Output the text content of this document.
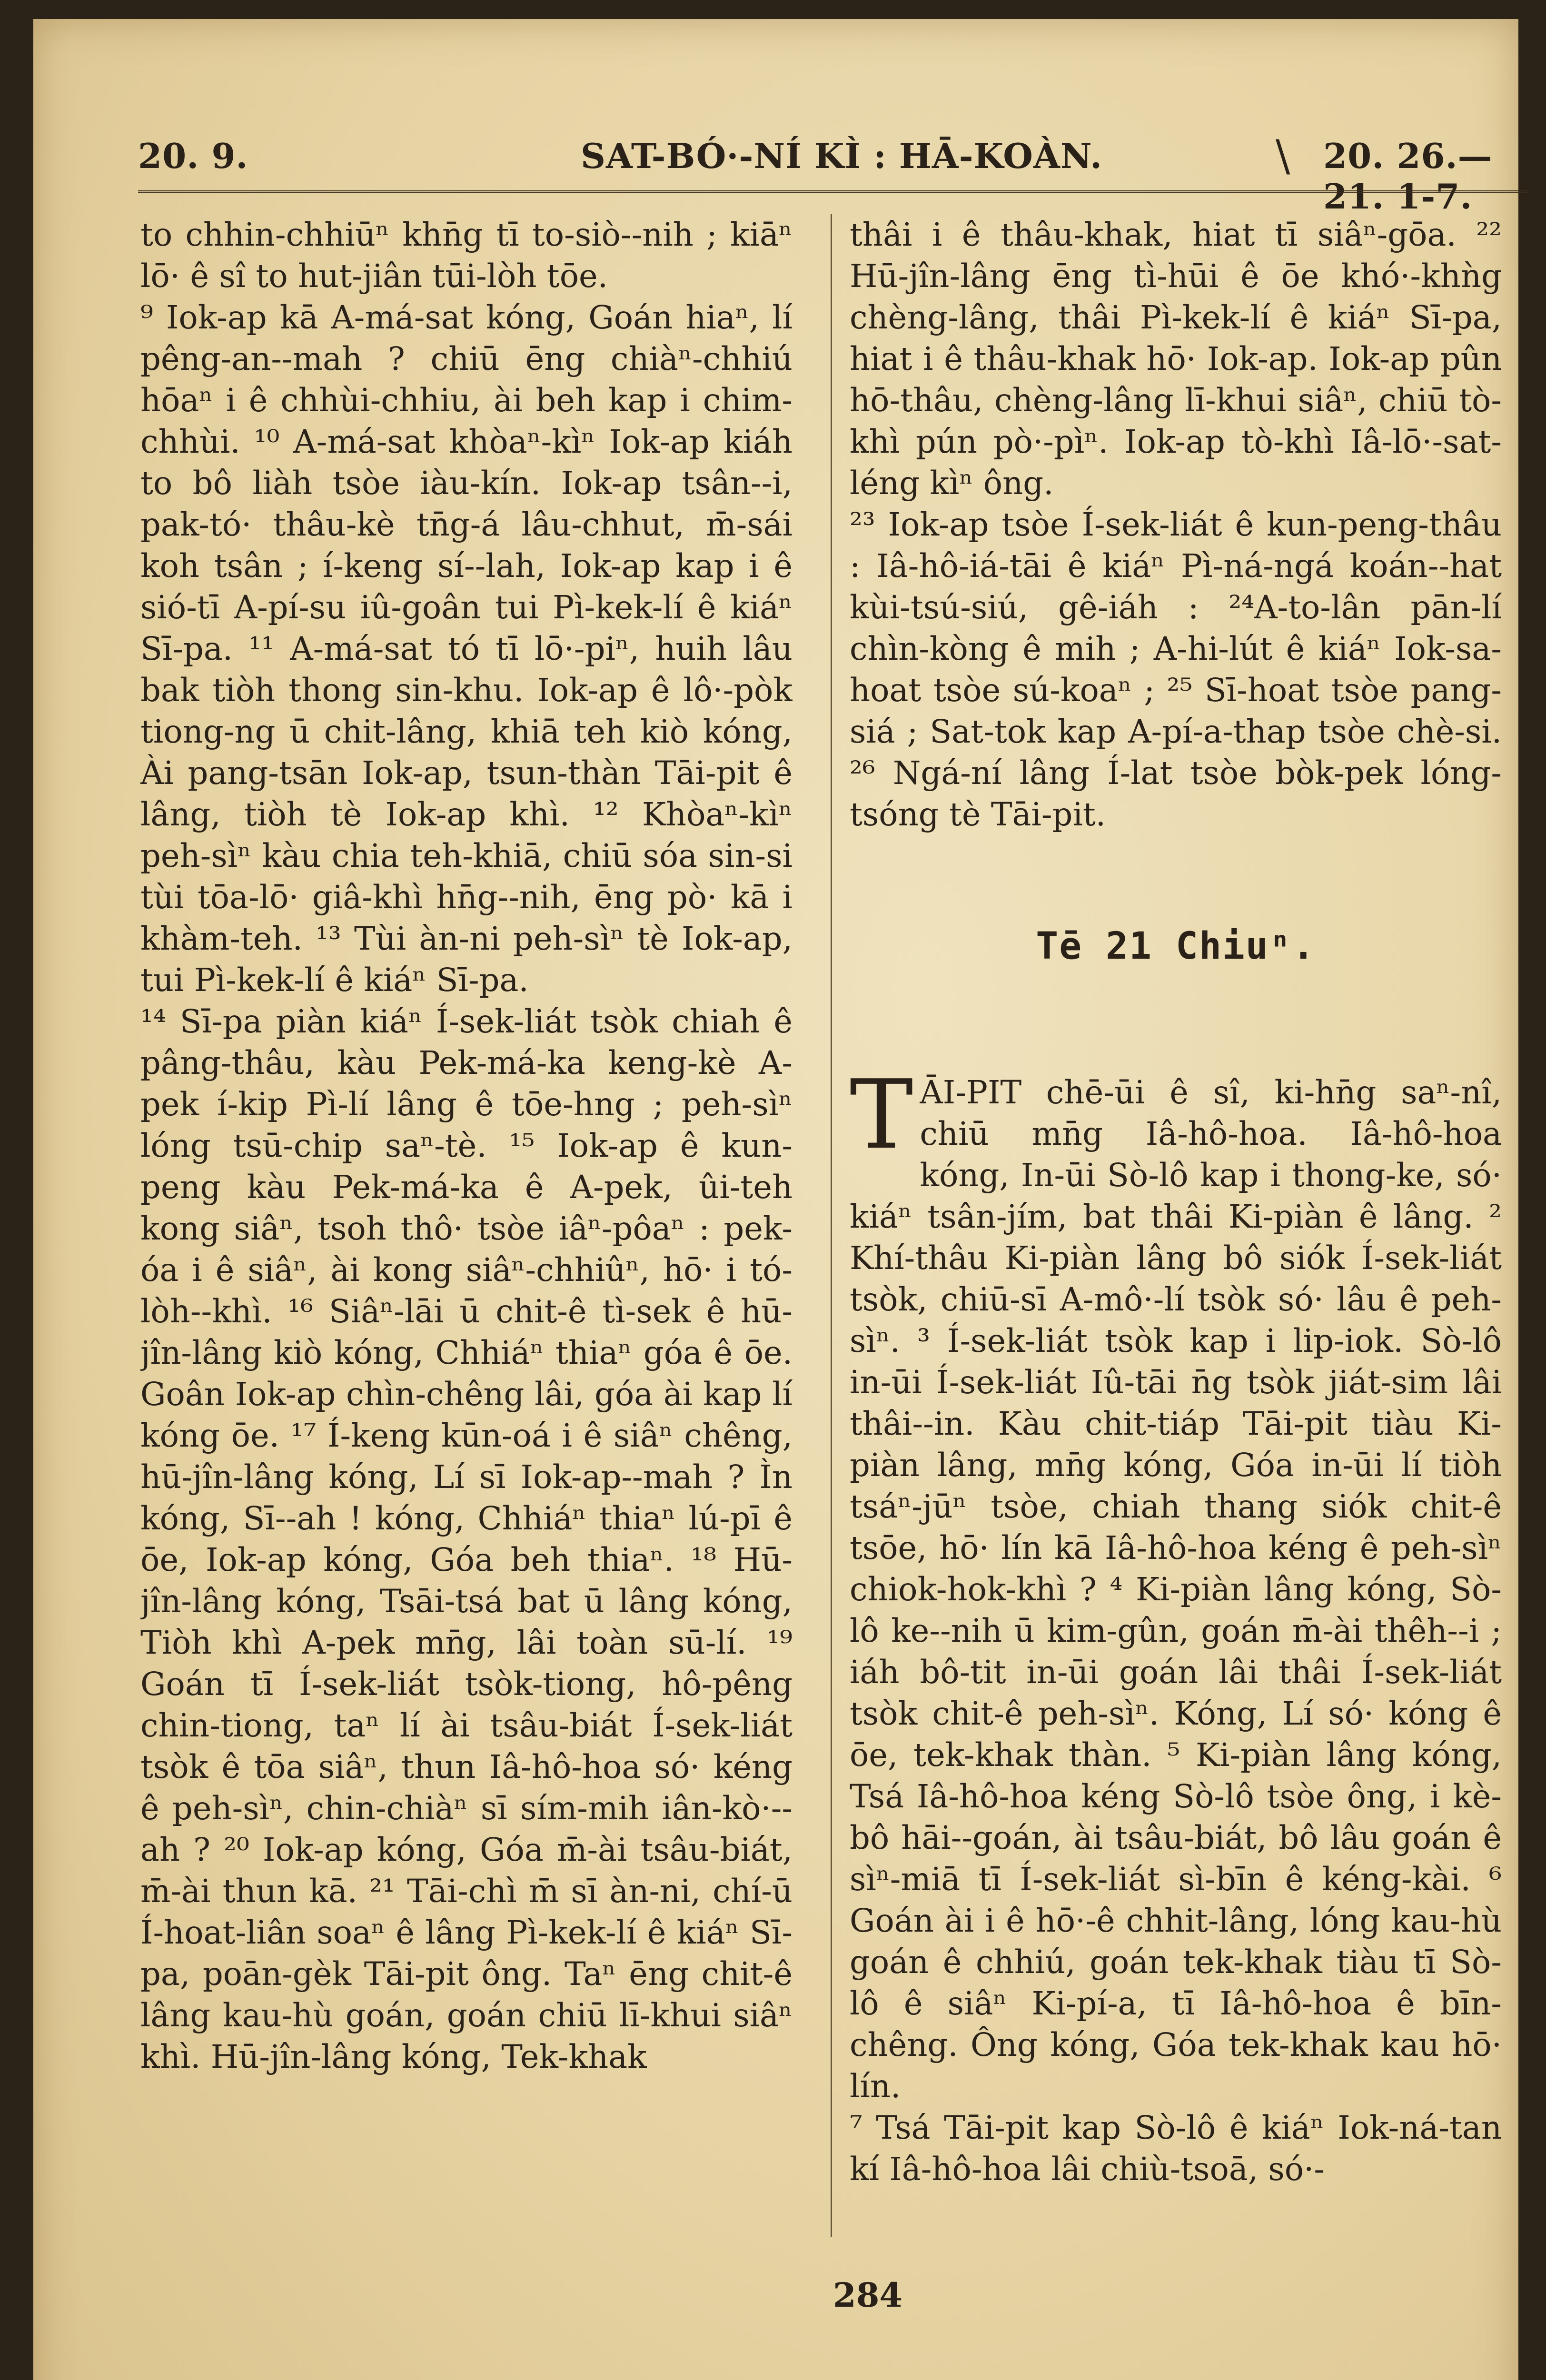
20. 9.	SAT-BÓ·-NÍ KÌ : HĀ-KOÀN.	\ 20. 26.—21. 1-7.

to chhin-chhiūⁿ khn̄g tī to-siò--nih ; kiāⁿ lō· ê sî to hut-jiân tūi-lòh tōe.

⁹ Iok-ap kā A-má-sat kóng, Goán hiaⁿ, lí pêng-an--mah ? chiū ēng chiàⁿ-chhiú hōaⁿ i ê chhùi-chhiu, ài beh kap i chim-chhùi. ¹⁰ A-má-sat khòaⁿ-kìⁿ Iok-ap kiáh to bô liàh tsòe iàu-kín. Iok-ap tsân--i, pak-tó· thâu-kè tn̄g-á lâu-chhut, m̄-sái koh tsân ; í-keng sí--lah, Iok-ap kap i ê sió-tī A-pí-su iû-goân tui Pì-kek-lí ê kiáⁿ Sī-pa. ¹¹ A-má-sat tó tī lō·-piⁿ, huih lâu bak tiòh thong sin-khu. Iok-ap ê lô·-pòk tiong-ng ū chit-lâng, khiā teh kiò kóng, Ài pang-tsān Iok-ap, tsun-thàn Tāi-pit ê lâng, tiòh tè Iok-ap khì. ¹² Khòaⁿ-kìⁿ peh-sìⁿ kàu chia teh-khiā, chiū sóa sin-si tùi tōa-lō· giâ-khì hn̄g--nih, ēng pò· kā i khàm-teh. ¹³ Tùi àn-ni peh-sìⁿ tè Iok-ap, tui Pì-kek-lí ê kiáⁿ Sī-pa.

¹⁴ Sī-pa piàn kiáⁿ Í-sek-liát tsòk chiah ê pâng-thâu, kàu Pek-má-ka keng-kè A-pek í-kip Pì-lí lâng ê tōe-hng ; peh-sìⁿ lóng tsū-chip saⁿ-tè. ¹⁵ Iok-ap ê kun-peng kàu Pek-má-ka ê A-pek, ûi-teh kong siâⁿ, tsoh thô· tsòe iâⁿ-pôaⁿ : pek-óa i ê siâⁿ, ài kong siâⁿ-chhiûⁿ, hō· i tó-lòh--khì. ¹⁶ Siâⁿ-lāi ū chit-ê tì-sek ê hū-jîn-lâng kiò kóng, Chhiáⁿ thiaⁿ góa ê ōe. Goân Iok-ap chìn-chêng lâi, góa ài kap lí kóng ōe. ¹⁷ Í-keng kūn-oá i ê siâⁿ chêng, hū-jîn-lâng kóng, Lí sī Iok-ap--mah ? Ìn kóng, Sī--ah ! kóng, Chhiáⁿ thiaⁿ lú-pī ê ōe, Iok-ap kóng, Góa beh thiaⁿ. ¹⁸ Hū-jîn-lâng kóng, Tsāi-tsá bat ū lâng kóng, Tiòh khì A-pek mn̄g, lâi toàn sū-lí. ¹⁹ Goán tī Í-sek-liát tsòk-tiong, hô-pêng chin-tiong, taⁿ lí ài tsâu-biát Í-sek-liát tsòk ê tōa siâⁿ, thun Iâ-hô-hoa só· kéng ê peh-sìⁿ, chin-chiàⁿ sī sím-mih iân-kò·--ah ? ²⁰ Iok-ap kóng, Góa m̄-ài tsâu-biát, m̄-ài thun kā. ²¹ Tāi-chì m̄ sī àn-ni, chí-ū Í-hoat-liân soaⁿ ê lâng Pì-kek-lí ê kiáⁿ Sī-pa, poān-gèk Tāi-pit ông. Taⁿ ēng chit-ê lâng kau-hù goán, goán chiū lī-khui siâⁿ khì. Hū-jîn-lâng kóng, Tek-khak

thâi i ê thâu-khak, hiat tī siâⁿ-gōa. ²² Hū-jîn-lâng ēng tì-hūi ê ōe khó·-khǹg chèng-lâng, thâi Pì-kek-lí ê kiáⁿ Sī-pa, hiat i ê thâu-khak hō· Iok-ap. Iok-ap pûn hō-thâu, chèng-lâng lī-khui siâⁿ, chiū tò-khì pún pò·-pìⁿ. Iok-ap tò-khì Iâ-lō·-sat-léng kìⁿ ông.

²³ Iok-ap tsòe Í-sek-liát ê kun-peng-thâu : Iâ-hô-iá-tāi ê kiáⁿ Pì-ná-ngá koán--hat kùi-tsú-siú, gê-iáh : ²⁴A-to-lân pān-lí chìn-kòng ê mih ; A-hi-lút ê kiáⁿ Iok-sa-hoat tsòe sú-koaⁿ ; ²⁵ Sī-hoat tsòe pang-siá ; Sat-tok kap A-pí-a-thap tsòe chè-si. ²⁶ Ngá-ní lâng Í-lat tsòe bòk-pek lóng-tsóng tè Tāi-pit.

Tē 21 Chiuⁿ.

TĀI-PIT chē-ūi ê sî, ki-hn̄g saⁿ-nî, chiū mn̄g Iâ-hô-hoa. Iâ-hô-hoa kóng, In-ūi Sò-lô kap i thong-ke, só· kiáⁿ tsân-jím, bat thâi Ki-piàn ê lâng. ² Khí-thâu Ki-piàn lâng bô siók Í-sek-liát tsòk, chiū-sī A-mô·-lí tsòk só· lâu ê peh-sìⁿ. ³ Í-sek-liát tsòk kap i lip-iok. Sò-lô in-ūi Í-sek-liát Iû-tāi n̄g tsòk jiát-sim lâi thâi--in. Kàu chit-tiáp Tāi-pit tiàu Ki-piàn lâng, mn̄g kóng, Góa in-ūi lí tiòh tsáⁿ-jūⁿ tsòe, chiah thang siók chit-ê tsōe, hō· lín kā Iâ-hô-hoa kéng ê peh-sìⁿ chiok-hok-khì ? ⁴ Ki-piàn lâng kóng, Sò-lô ke--nih ū kim-gûn, goán m̄-ài thêh--i ; iáh bô-tit in-ūi goán lâi thâi Í-sek-liát tsòk chit-ê peh-sìⁿ. Kóng, Lí só· kóng ê ōe, tek-khak thàn. ⁵ Ki-piàn lâng kóng, Tsá Iâ-hô-hoa kéng Sò-lô tsòe ông, i kè-bô hāi--goán, ài tsâu-biát, bô lâu goán ê sìⁿ-miā tī Í-sek-liát sì-bīn ê kéng-kài. ⁶ Goán ài i ê hō·-ê chhit-lâng, lóng kau-hù goán ê chhiú, goán tek-khak tiàu tī Sò-lô ê siâⁿ Ki-pí-a, tī Iâ-hô-hoa ê bīn-chêng. Ông kóng, Góa tek-khak kau hō· lín.

⁷ Tsá Tāi-pit kap Sò-lô ê kiáⁿ Iok-ná-tan kí Iâ-hô-hoa lâi chiù-tsoā, só·-

284
